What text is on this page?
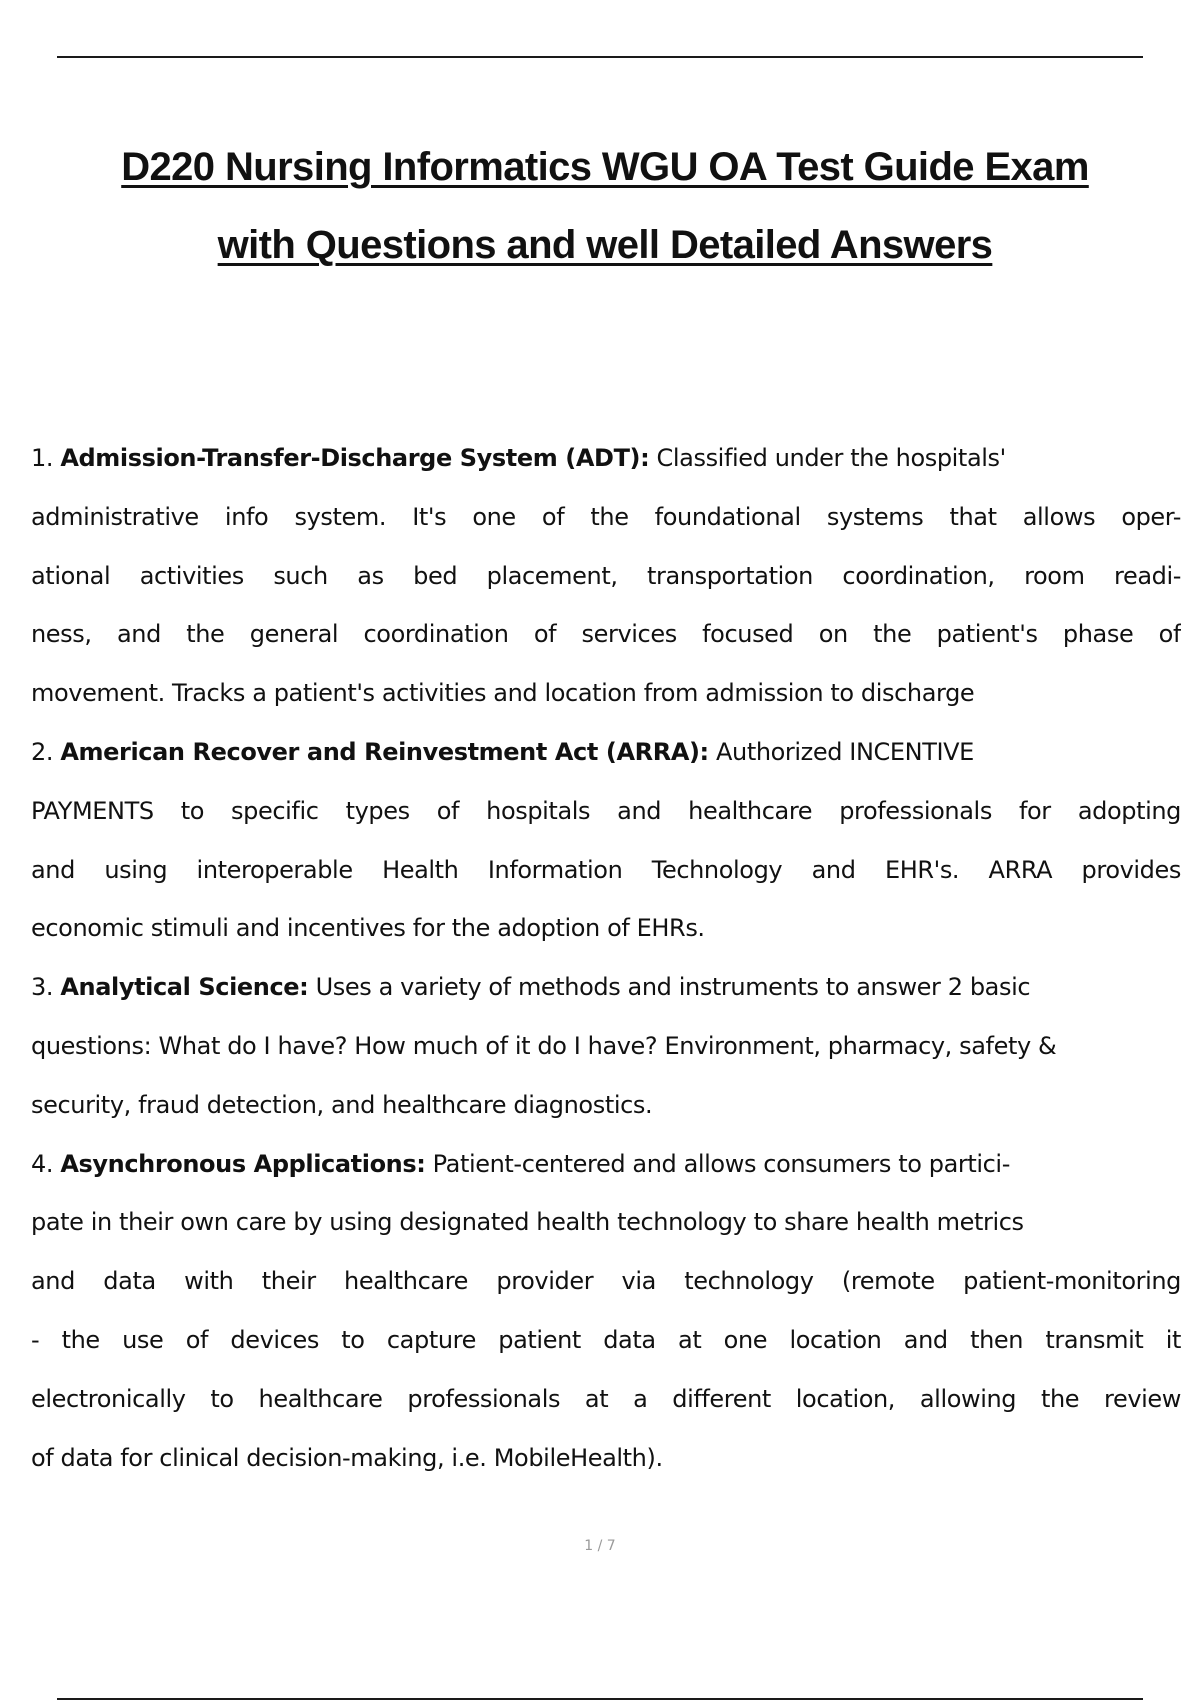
D220 Nursing Informatics WGU OA Test Guide Exam
with Questions and well Detailed Answers
1. Admission-Transfer-Discharge System (ADT): Classified under the hospitals'
administrative info system. It's one of the foundational systems that allows oper-
ational activities such as bed placement, transportation coordination, room readi-
ness, and the general coordination of services focused on the patient's phase of
movement. Tracks a patient's activities and location from admission to discharge
2. American Recover and Reinvestment Act (ARRA): Authorized INCENTIVE
PAYMENTS to specific types of hospitals and healthcare professionals for adopting
and using interoperable Health Information Technology and EHR's. ARRA provides
economic stimuli and incentives for the adoption of EHRs.
3. Analytical Science: Uses a variety of methods and instruments to answer 2 basic
questions: What do I have? How much of it do I have? Environment, pharmacy, safety &
security, fraud detection, and healthcare diagnostics.
4. Asynchronous Applications: Patient-centered and allows consumers to partici-
pate in their own care by using designated health technology to share health metrics
and data with their healthcare provider via technology (remote patient-monitoring
- the use of devices to capture patient data at one location and then transmit it
electronically to healthcare professionals at a different location, allowing the review
of data for clinical decision-making, i.e. MobileHealth).
1 / 7
